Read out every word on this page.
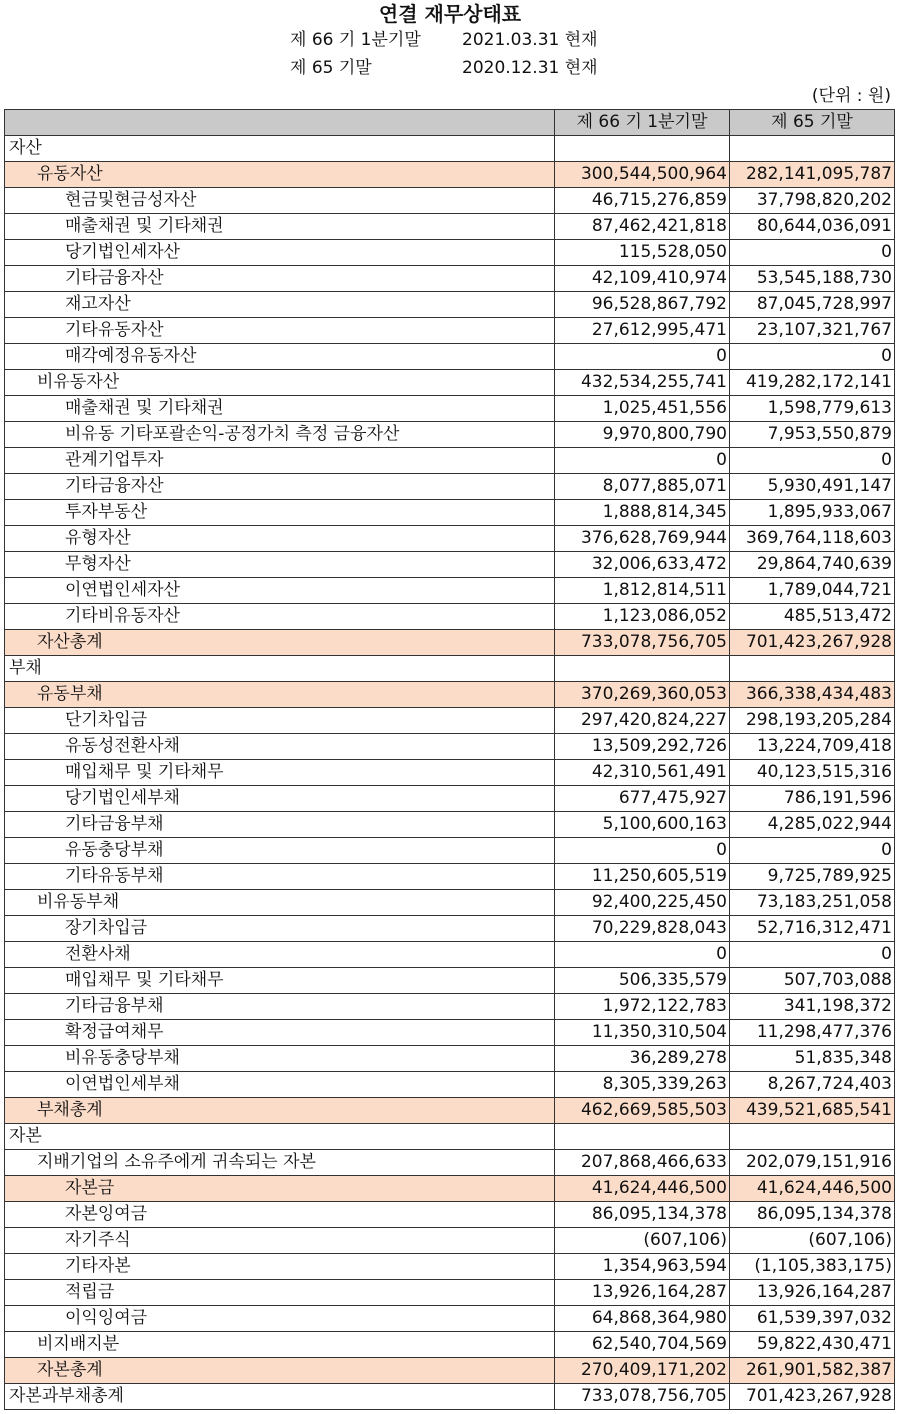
연결 재무상태표
제 66 기 1분기말 2021.03.31 현재
제 65 기말	2020.12.31 현재
(단위 : 원)
	제 66 기 1분기말	제 65 기말
자산		
유동자산	300,544,500,964	282,141,095,787
현금및현금성자산	46,715,276,859	37,798,820,202
매출채권 및 기타채권	87,462,421,818	80,644,036,091
당기법인세자산	115,528,050	0
기타금융자산	42,109,410,974	53,545,188,730
재고자산	96,528,867,792	87,045,728,997
기타유동자산	27,612,995,471	23,107,321,767
매각예정유동자산	0	0
비유동자산	432,534,255,741	419,282,172,141
매출채권 및 기타채권	1,025,451,556	1,598,779,613
비유동 기타포괄손익-공정가치 측정 금융자산	9,970,800,790	7,953,550,879
관계기업투자	0	0
기타금융자산	8,077,885,071	5,930,491,147
투자부동산	1,888,814,345	1,895,933,067
유형자산	376,628,769,944	369,764,118,603
무형자산	32,006,633,472	29,864,740,639
이연법인세자산	1,812,814,511	1,789,044,721
기타비유동자산	1,123,086,052	485,513,472
자산총계	733,078,756,705	701,423,267,928
부채		
유동부채	370,269,360,053	366,338,434,483
단기차입금	297,420,824,227	298,193,205,284
유동성전환사채	13,509,292,726	13,224,709,418
매입채무 및 기타채무	42,310,561,491	40,123,515,316
당기법인세부채	677,475,927	786,191,596
기타금융부채	5,100,600,163	4,285,022,944
유동충당부채	0	0
기타유동부채	11,250,605,519	9,725,789,925
비유동부채	92,400,225,450	73,183,251,058
장기차입금	70,229,828,043	52,716,312,471
전환사채	0	0
매입채무 및 기타채무	506,335,579	507,703,088
기타금융부채	1,972,122,783	341,198,372
확정급여채무	11,350,310,504	11,298,477,376
비유동충당부채	36,289,278	51,835,348
이연법인세부채	8,305,339,263	8,267,724,403
부채총계	462,669,585,503	439,521,685,541
자본		
지배기업의 소유주에게 귀속되는 자본	207,868,466,633	202,079,151,916
자본금	41,624,446,500	41,624,446,500
자본잉여금	86,095,134,378	86,095,134,378
자기주식	(607,106)	(607,106)
기타자본	1,354,963,594	(1,105,383,175)
적립금	13,926,164,287	13,926,164,287
이익잉여금	64,868,364,980	61,539,397,032
비지배지분	62,540,704,569	59,822,430,471
자본총계	270,409,171,202	261,901,582,387
자본과부채총계	733,078,756,705	701,423,267,928
